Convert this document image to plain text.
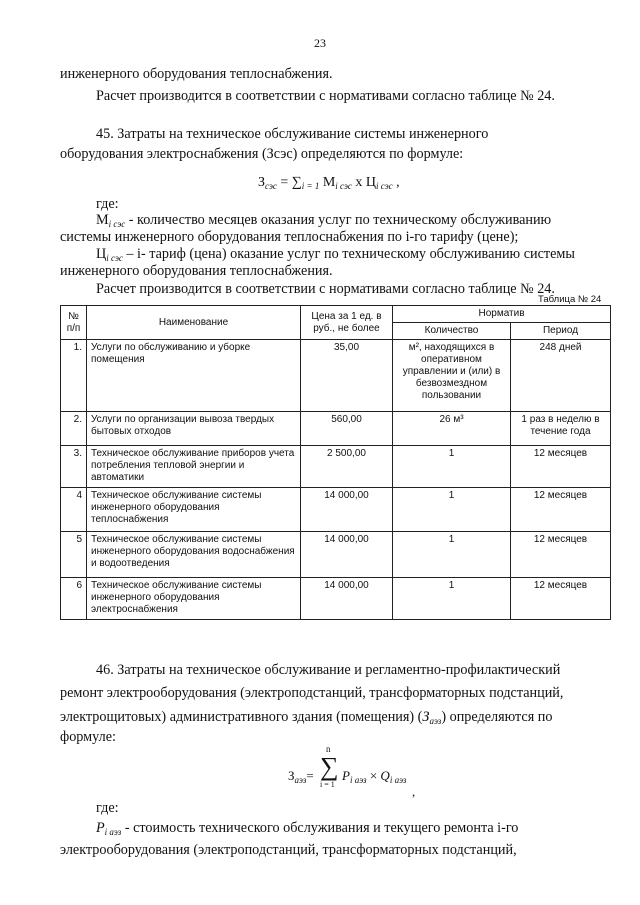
23
инженерного оборудования теплоснабжения.
Расчет производится в соответствии с нормативами согласно таблице № 24.
45. Затраты на техническое обслуживание системы инженерного
оборудования электроснабжения (Зсэс) определяются по формуле:
$З_{сэс} = \sum_{i = 1}$ $М_{i сэс}$ х $Ц_{i сэс}$ ,
где:
$М_{i сэс}$ - количество месяцев оказания услуг по техническому обслуживанию
системы инженерного оборудования теплоснабжения по i-го тарифу (цене);
$Ц_{i сэс} - i-$ тариф (цена) оказание услуг по техническому обслуживанию системы
инженерного оборудования теплоснабжения.
Расчет производится в соответствии с нормативами согласно таблице № 24.
Таблица № 24
№ п/п	Наименование	Цена за 1 ед. в руб., не более	Норматив	
			Количество	Период
1.	Услуги по обслуживанию и уборке помещения	35,00	м², находящихся в оперативном управлении и (или) в безвозмездном пользовании	248 дней
2.	Услуги по организации вывоза твердых бытовых отходов	560,00	26 м³	1 раз в неделю в течение года
3.	Техническое обслуживание приборов учета потребления тепловой энергии и автоматики	2 500,00	1	12 месяцев
4	Техническое обслуживание системы инженерного оборудования теплоснабжения	14 000,00	1	12 месяцев
5	Техническое обслуживание системы инженерного оборудования водоснабжения и водоотведения	14 000,00	1	12 месяцев
6	Техническое обслуживание системы инженерного оборудования электроснабжения	14 000,00	1	12 месяцев
46. Затраты на техническое обслуживание и регламентно-профилактический
ремонт электрооборудования (электроподстанций, трансформаторных подстанций,
электрощитовых) административного здания (помещения) $(З_{аэз})$ определяются по
формуле:
$З_{аэз}=$
n
∑
i = 1
$P_{i аэз} \times Q_{i аэз}$
,
где:
$P_{i аэз}$ - стоимость технического обслуживания и текущего ремонта i-го
электрооборудования (электроподстанций, трансформаторных подстанций,
